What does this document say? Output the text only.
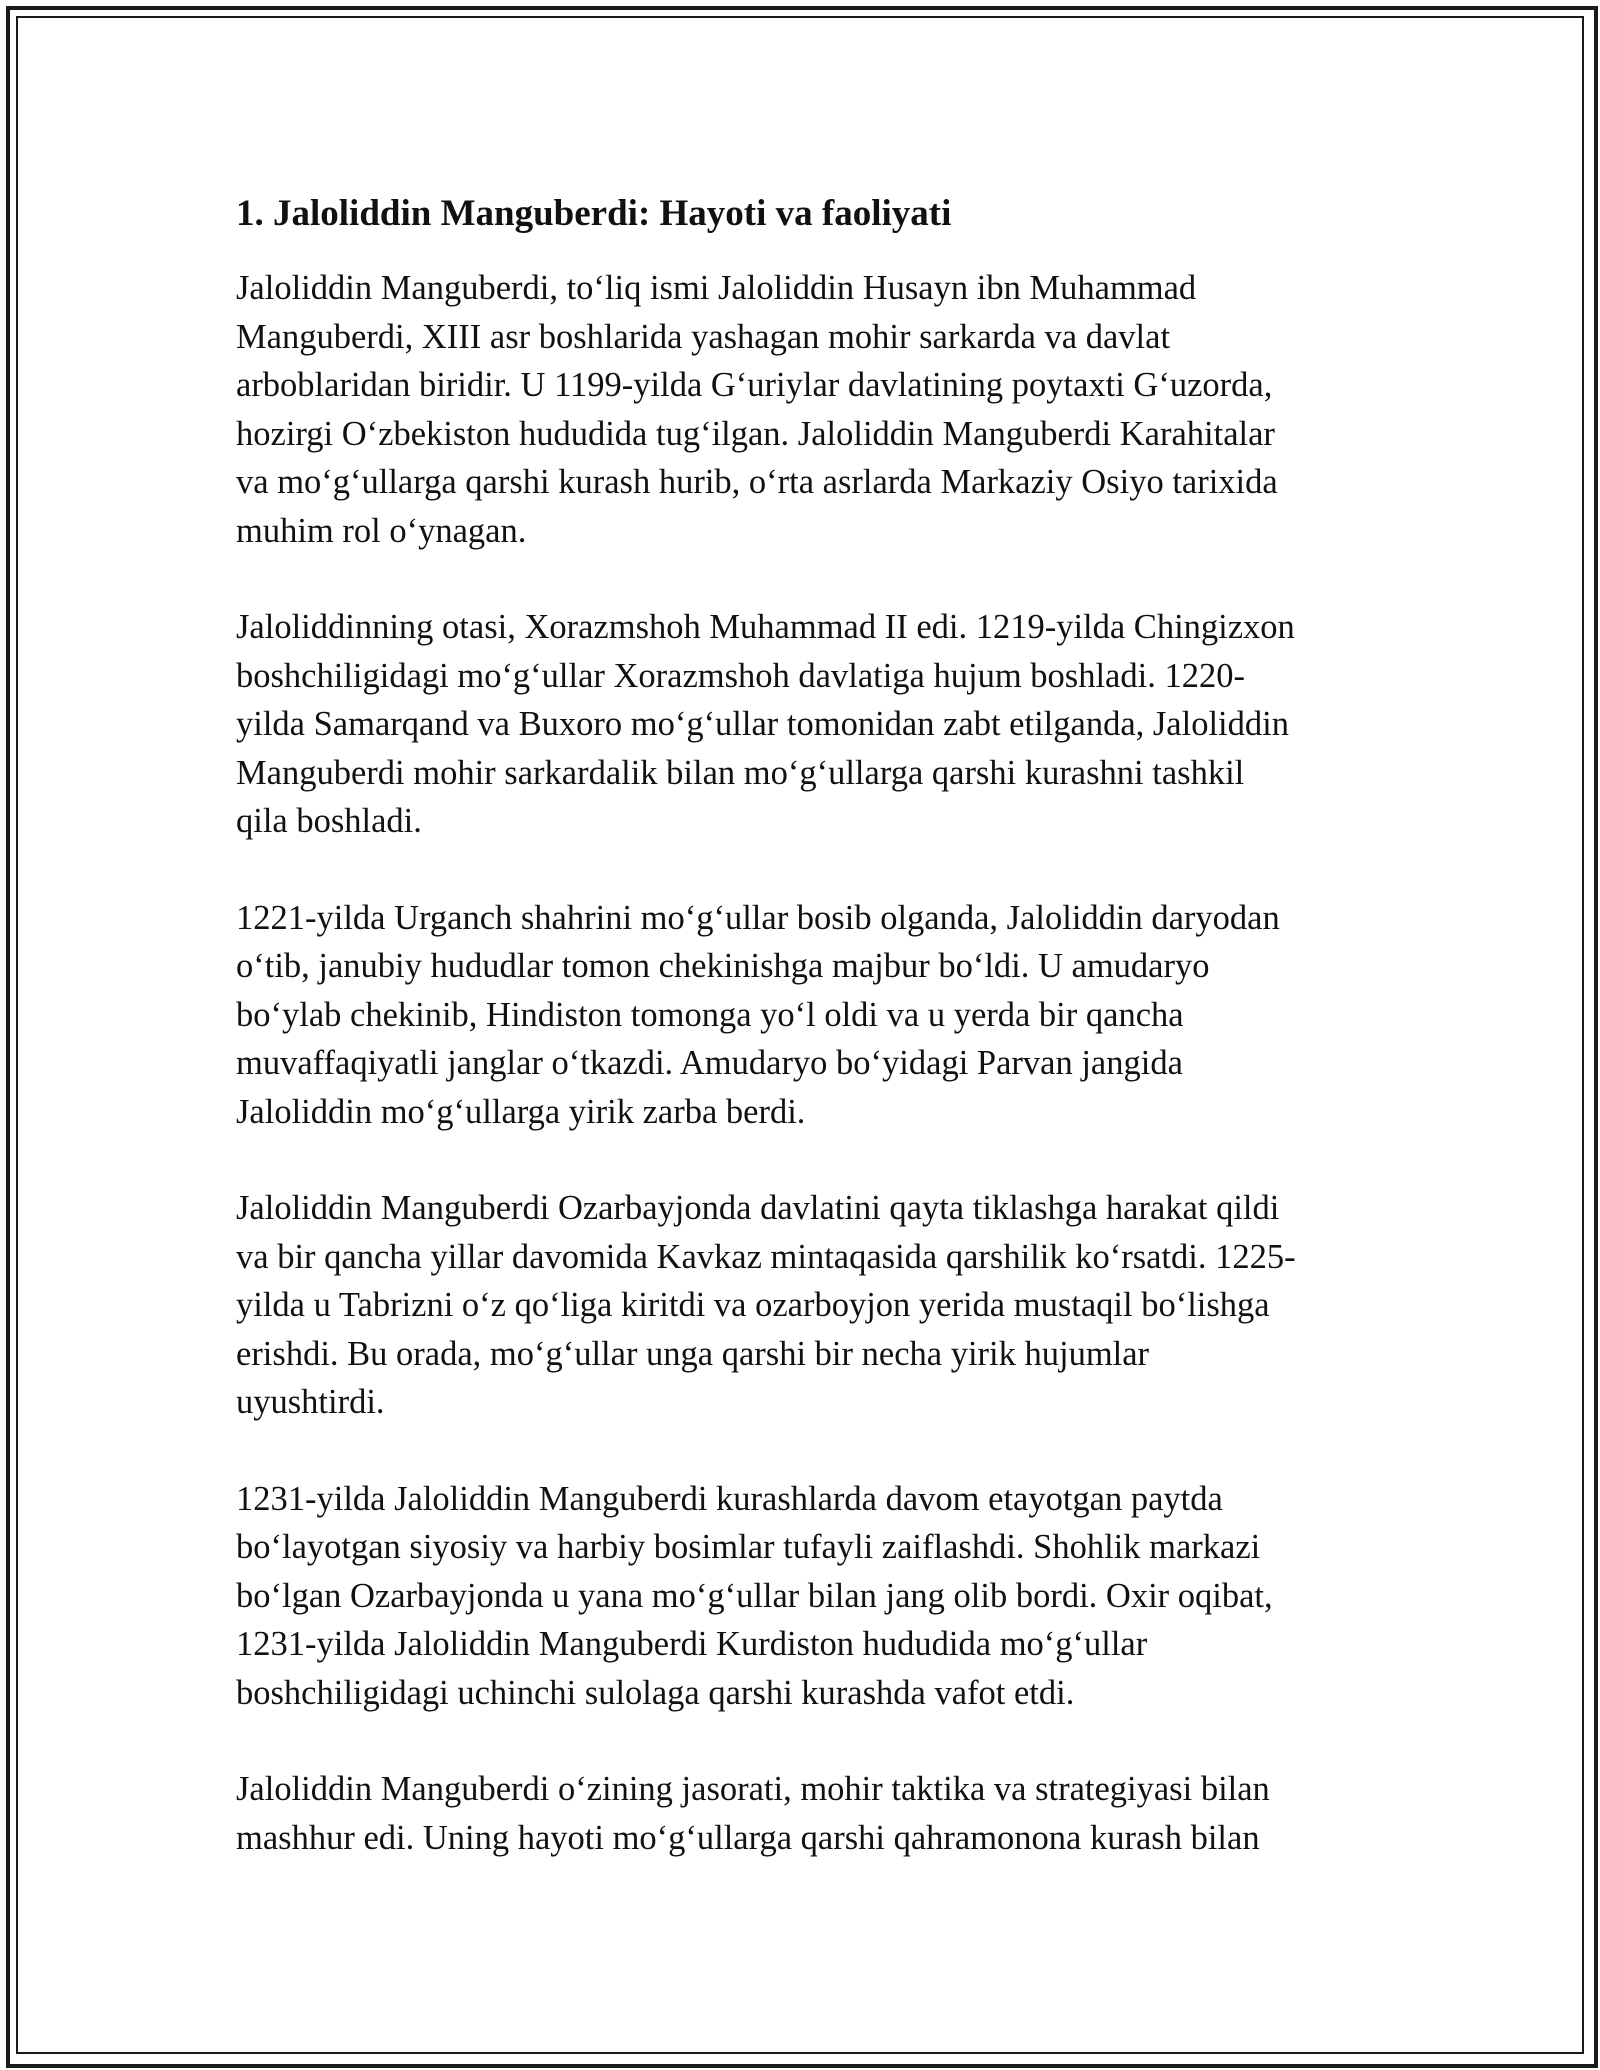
1. Jaloliddin Manguberdi: Hayoti va faoliyati
Jaloliddin Manguberdi, to‘liq ismi Jaloliddin Husayn ibn Muhammad
Manguberdi, XIII asr boshlarida yashagan mohir sarkarda va davlat
arboblaridan biridir. U 1199-yilda G‘uriylar davlatining poytaxti G‘uzorda,
hozirgi O‘zbekiston hududida tug‘ilgan. Jaloliddin Manguberdi Karahitalar
va mo‘g‘ullarga qarshi kurash hurib, o‘rta asrlarda Markaziy Osiyo tarixida
muhim rol o‘ynagan.
Jaloliddinning otasi, Xorazmshoh Muhammad II edi. 1219-yilda Chingizxon
boshchiligidagi mo‘g‘ullar Xorazmshoh davlatiga hujum boshladi. 1220-
yilda Samarqand va Buxoro mo‘g‘ullar tomonidan zabt etilganda, Jaloliddin
Manguberdi mohir sarkardalik bilan mo‘g‘ullarga qarshi kurashni tashkil
qila boshladi.
1221-yilda Urganch shahrini mo‘g‘ullar bosib olganda, Jaloliddin daryodan
o‘tib, janubiy hududlar tomon chekinishga majbur bo‘ldi. U amudaryo
bo‘ylab chekinib, Hindiston tomonga yo‘l oldi va u yerda bir qancha
muvaffaqiyatli janglar o‘tkazdi. Amudaryo bo‘yidagi Parvan jangida
Jaloliddin mo‘g‘ullarga yirik zarba berdi.
Jaloliddin Manguberdi Ozarbayjonda davlatini qayta tiklashga harakat qildi
va bir qancha yillar davomida Kavkaz mintaqasida qarshilik ko‘rsatdi. 1225-
yilda u Tabrizni o‘z qo‘liga kiritdi va ozarboyjon yerida mustaqil bo‘lishga
erishdi. Bu orada, mo‘g‘ullar unga qarshi bir necha yirik hujumlar
uyushtirdi.
1231-yilda Jaloliddin Manguberdi kurashlarda davom etayotgan paytda
bo‘layotgan siyosiy va harbiy bosimlar tufayli zaiflashdi. Shohlik markazi
bo‘lgan Ozarbayjonda u yana mo‘g‘ullar bilan jang olib bordi. Oxir oqibat,
1231-yilda Jaloliddin Manguberdi Kurdiston hududida mo‘g‘ullar
boshchiligidagi uchinchi sulolaga qarshi kurashda vafot etdi.
Jaloliddin Manguberdi o‘zining jasorati, mohir taktika va strategiyasi bilan
mashhur edi. Uning hayoti mo‘g‘ullarga qarshi qahramonona kurash bilan
